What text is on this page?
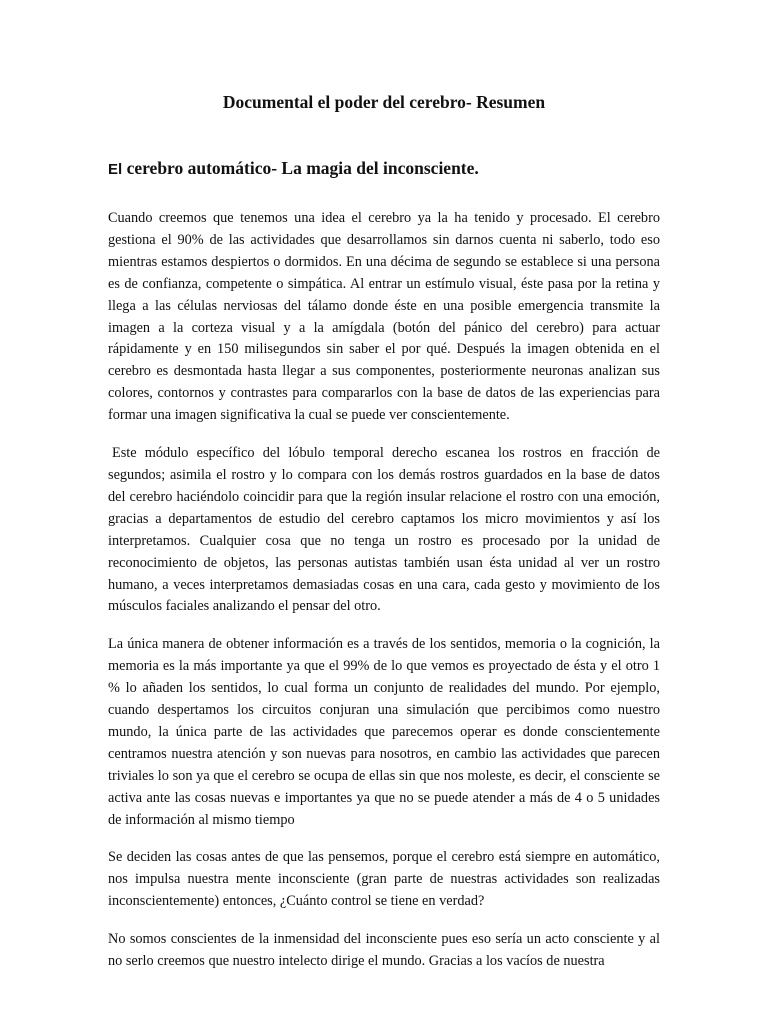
Documental el poder del cerebro- Resumen
El cerebro automático- La magia del inconsciente.

Cuando creemos que tenemos una idea el cerebro ya la ha tenido y procesado. El cerebro gestiona el 90% de las actividades que desarrollamos sin darnos cuenta ni saberlo, todo eso mientras estamos despiertos o dormidos. En una décima de segundo se establece si una persona es de confianza, competente o simpática. Al entrar un estímulo visual, éste pasa por la retina y llega a las células nerviosas del tálamo donde éste en una posible emergencia transmite la imagen a la corteza visual y a la amígdala (botón del pánico del cerebro) para actuar rápidamente y en 150 milisegundos sin saber el por qué. Después la imagen obtenida en el cerebro es desmontada hasta llegar a sus componentes, posteriormente neuronas analizan sus colores, contornos y contrastes para compararlos con la base de datos de las experiencias para formar una imagen significativa la cual se puede ver conscientemente.

Este módulo específico del lóbulo temporal derecho escanea los rostros en fracción de segundos; asimila el rostro y lo compara con los demás rostros guardados en la base de datos del cerebro haciéndolo coincidir para que la región insular relacione el rostro con una emoción, gracias a departamentos de estudio del cerebro captamos los micro movimientos y así los interpretamos. Cualquier cosa que no tenga un rostro es procesado por la unidad de reconocimiento de objetos, las personas autistas también usan ésta unidad al ver un rostro humano, a veces interpretamos demasiadas cosas en una cara, cada gesto y movimiento de los músculos faciales analizando el pensar del otro.

La única manera de obtener información es a través de los sentidos, memoria o la cognición, la memoria es la más importante ya que el 99% de lo que vemos es proyectado de ésta y el otro 1 % lo añaden los sentidos, lo cual forma un conjunto de realidades del mundo. Por ejemplo, cuando despertamos los circuitos conjuran una simulación que percibimos como nuestro mundo, la única parte de las actividades que parecemos operar es donde conscientemente centramos nuestra atención y son nuevas para nosotros, en cambio las actividades que parecen triviales lo son ya que el cerebro se ocupa de ellas sin que nos moleste, es decir, el consciente se activa ante las cosas nuevas e importantes ya que no se puede atender a más de 4 o 5 unidades de información al mismo tiempo

Se deciden las cosas antes de que las pensemos, porque el cerebro está siempre en automático, nos impulsa nuestra mente inconsciente (gran parte de nuestras actividades son realizadas inconscientemente) entonces, ¿Cuánto control se tiene en verdad?

No somos conscientes de la inmensidad del inconsciente pues eso sería un acto consciente y al no serlo creemos que nuestro intelecto dirige el mundo. Gracias a los vacíos de nuestra
